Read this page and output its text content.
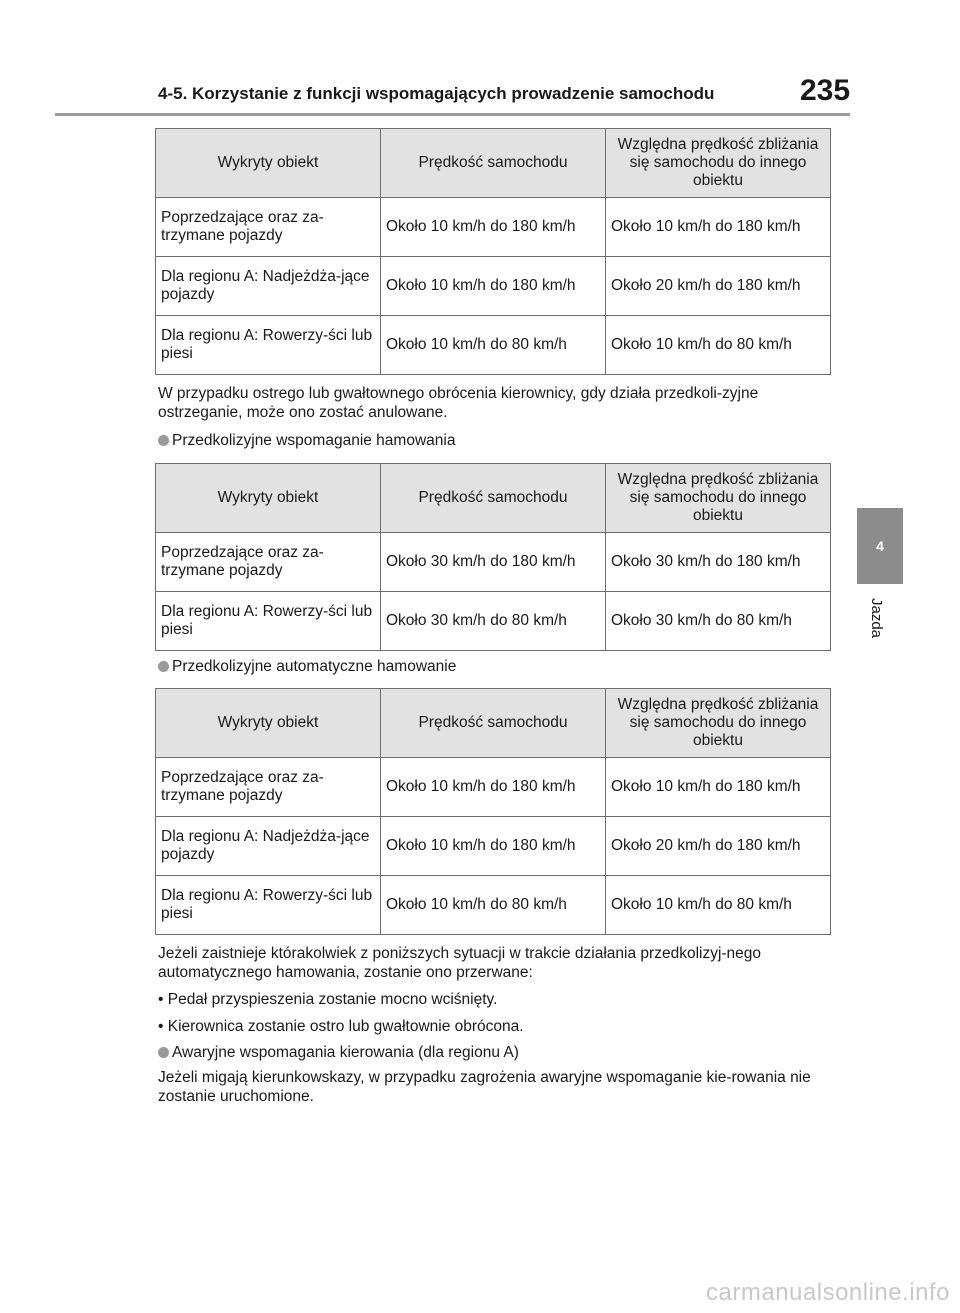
4-5. Korzystanie z funkcji wspomagających prowadzenie samochodu	235
4
Jazda
Wykryty obiekt	Prędkość samochodu	Względna prędkość zbliżania się samochodu do innego obiektu
Poprzedzające oraz za-trzymane pojazdy	Około 10 km/h do 180 km/h	Około 10 km/h do 180 km/h
Dla regionu A: Nadjeżdża-jące pojazdy	Około 10 km/h do 180 km/h	Około 20 km/h do 180 km/h
Dla regionu A: Rowerzy-ści lub piesi	Około 10 km/h do 80 km/h	Około 10 km/h do 80 km/h
W przypadku ostrego lub gwałtownego obrócenia kierownicy, gdy działa przedkoli-zyjne ostrzeganie, może ono zostać anulowane.
Przedkolizyjne wspomaganie hamowania
Wykryty obiekt	Prędkość samochodu	Względna prędkość zbliżania się samochodu do innego obiektu
Poprzedzające oraz za-trzymane pojazdy	Około 30 km/h do 180 km/h	Około 30 km/h do 180 km/h
Dla regionu A: Rowerzy-ści lub piesi	Około 30 km/h do 80 km/h	Około 30 km/h do 80 km/h
Przedkolizyjne automatyczne hamowanie
Wykryty obiekt	Prędkość samochodu	Względna prędkość zbliżania się samochodu do innego obiektu
Poprzedzające oraz za-trzymane pojazdy	Około 10 km/h do 180 km/h	Około 10 km/h do 180 km/h
Dla regionu A: Nadjeżdża-jące pojazdy	Około 10 km/h do 180 km/h	Około 20 km/h do 180 km/h
Dla regionu A: Rowerzy-ści lub piesi	Około 10 km/h do 80 km/h	Około 10 km/h do 80 km/h
Jeżeli zaistnieje którakolwiek z poniższych sytuacji w trakcie działania przedkolizyj-nego automatycznego hamowania, zostanie ono przerwane:
• Pedał przyspieszenia zostanie mocno wciśnięty.
• Kierownica zostanie ostro lub gwałtownie obrócona.
Awaryjne wspomagania kierowania (dla regionu A)
Jeżeli migają kierunkowskazy, w przypadku zagrożenia awaryjne wspomaganie kie-rowania nie zostanie uruchomione.
carmanualsonline.info
